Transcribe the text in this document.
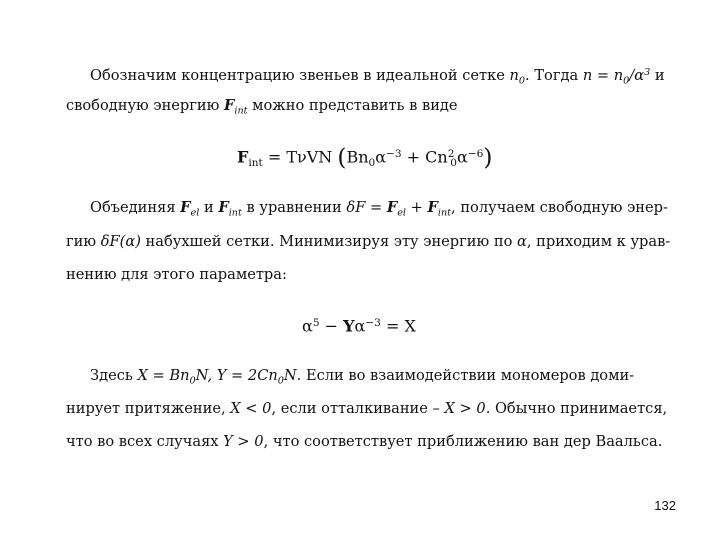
Обозначим концентрацию звеньев в идеальной сетке $n_0$. Тогда $n = n_0/\alpha^3$ и
свободную энергию $F_{int}$ можно представить в виде
$F_{int} = T\nu VN$ $(Bn_0\alpha^{-3} + Cn^2_0\alpha^{-6})$
Объединяя $F_{el}$ и $F_{int}$ в уравнении $\delta F = F_{el} + F_{int}$, получаем свободную энер-
гию δF(α) набухшей сетки. Минимизируя эту энергию по α, приходим к урав-
нению для этого параметра:
$\alpha^5 - Y\alpha^{-3} = X$
Здесь $X = Bn_0N$, $Y = 2Cn_0N$. Если во взаимодействии мономеров доми-
нирует притяжение, X < 0, если отталкивание – X > 0. Обычно принимается,
что во всех случаях Y > 0, что соответствует приближению ван дер Ваальса.
132
